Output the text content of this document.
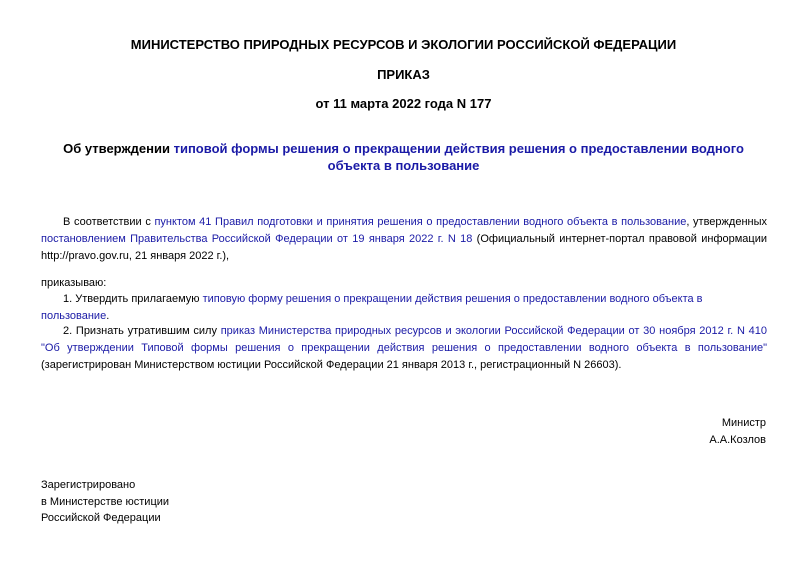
МИНИСТЕРСТВО ПРИРОДНЫХ РЕСУРСОВ И ЭКОЛОГИИ РОССИЙСКОЙ ФЕДЕРАЦИИ
ПРИКАЗ
от 11 марта 2022 года N 177
Об утверждении типовой формы решения о прекращении действия решения о предоставлении водного объекта в пользование
В соответствии с пунктом 41 Правил подготовки и принятия решения о предоставлении водного объекта в пользование, утвержденных постановлением Правительства Российской Федерации от 19 января 2022 г. N 18 (Официальный интернет-портал правовой информации http://pravo.gov.ru, 21 января 2022 г.),
приказываю:
1. Утвердить прилагаемую типовую форму решения о прекращении действия решения о предоставлении водного объекта в пользование.
2. Признать утратившим силу приказ Министерства природных ресурсов и экологии Российской Федерации от 30 ноября 2012 г. N 410 "Об утверждении Типовой формы решения о прекращении действия решения о предоставлении водного объекта в пользование" (зарегистрирован Министерством юстиции Российской Федерации 21 января 2013 г., регистрационный N 26603).
Министр
А.А.Козлов
Зарегистрировано
в Министерстве юстиции
Российской Федерации
